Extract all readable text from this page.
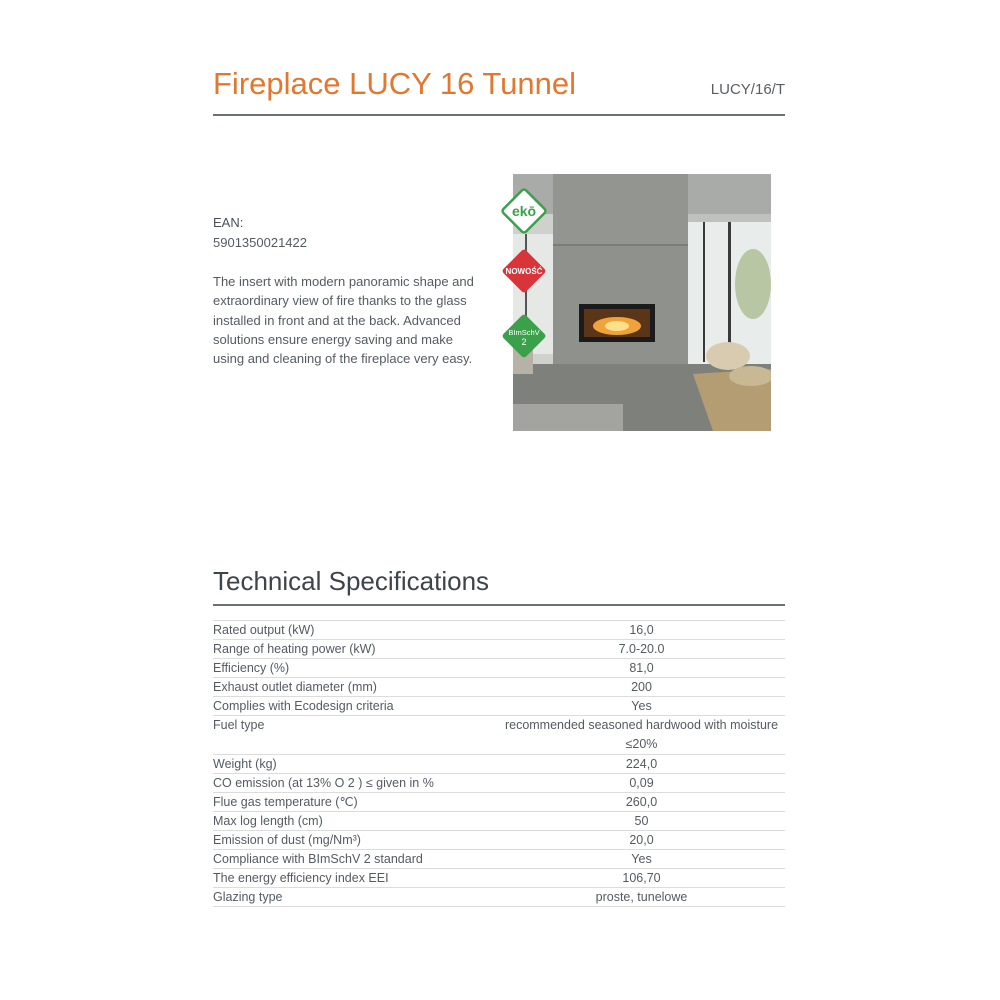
Fireplace LUCY 16 Tunnel	LUCY/16/T
EAN:
5901350021422
The insert with modern panoramic shape and extraordinary view of fire thanks to the glass installed in front and at the back. Advanced solutions ensure energy saving and make using and cleaning of the fireplace very easy.
ekō
NOWOŚĆ
BImSchV
2
Technical Specifications
Rated output (kW)	16,0
Range of heating power (kW)	7.0-20.0
Efficiency (%)	81,0
Exhaust outlet diameter (mm)	200
Complies with Ecodesign criteria	Yes
Fuel type	recommended seasoned hardwood with moisture ≤20%
Weight (kg)	224,0
CO emission (at 13% O 2 ) ≤ given in %	0,09
Flue gas temperature (℃)	260,0
Max log length (cm)	50
Emission of dust (mg/Nm³)	20,0
Compliance with BImSchV 2 standard	Yes
The energy efficiency index EEI	106,70
Glazing type	proste, tunelowe
